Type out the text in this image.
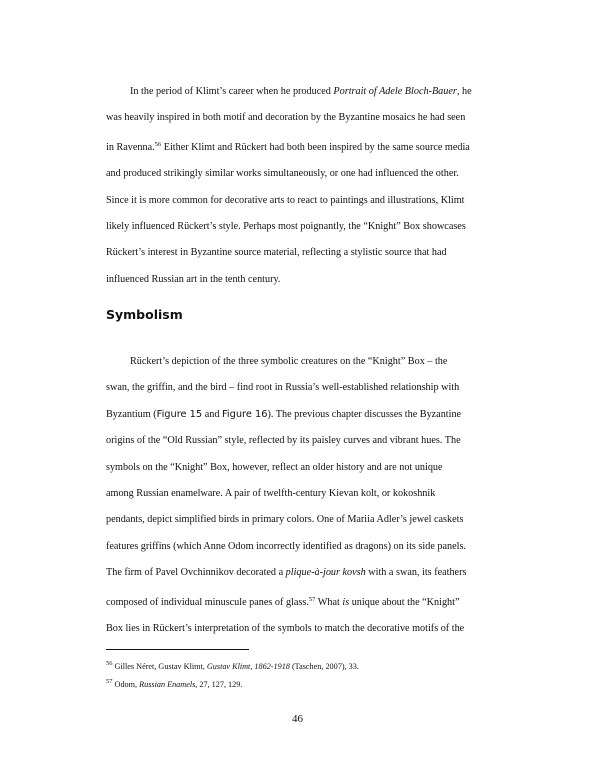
In the period of Klimt’s career when he produced Portrait of Adele Bloch-Bauer, he
was heavily inspired in both motif and decoration by the Byzantine mosaics he had seen
in Ravenna.$^{56}$ Either Klimt and Rückert had both been inspired by the same source media
and produced strikingly similar works simultaneously, or one had influenced the other.
Since it is more common for decorative arts to react to paintings and illustrations, Klimt
likely influenced Rückert’s style. Perhaps most poignantly, the “Knight” Box showcases
Rückert’s interest in Byzantine source material, reflecting a stylistic source that had
influenced Russian art in the tenth century.

Symbolism

Rückert’s depiction of the three symbolic creatures on the “Knight” Box – the
swan, the griffin, and the bird – find root in Russia’s well-established relationship with
Byzantium (Figure 15 and Figure 16). The previous chapter discusses the Byzantine
origins of the “Old Russian” style, reflected by its paisley curves and vibrant hues. The
symbols on the “Knight” Box, however, reflect an older history and are not unique
among Russian enamelware. A pair of twelfth-century Kievan kolt, or kokoshnik
pendants, depict simplified birds in primary colors. One of Mariia Adler’s jewel caskets
features griffins (which Anne Odom incorrectly identified as dragons) on its side panels.
The firm of Pavel Ovchinnikov decorated a plique-à-jour kovsh with a swan, its feathers
composed of individual minuscule panes of glass.$^{57}$ What is unique about the “Knight”
Box lies in Rückert’s interpretation of the symbols to match the decorative motifs of the

$^{56}$ Gilles Néret, Gustav Klimt, Gustav Klimt, 1862-1918 (Taschen, 2007), 33.
$^{57}$ Odom, Russian Enamels, 27, 127, 129.

46
